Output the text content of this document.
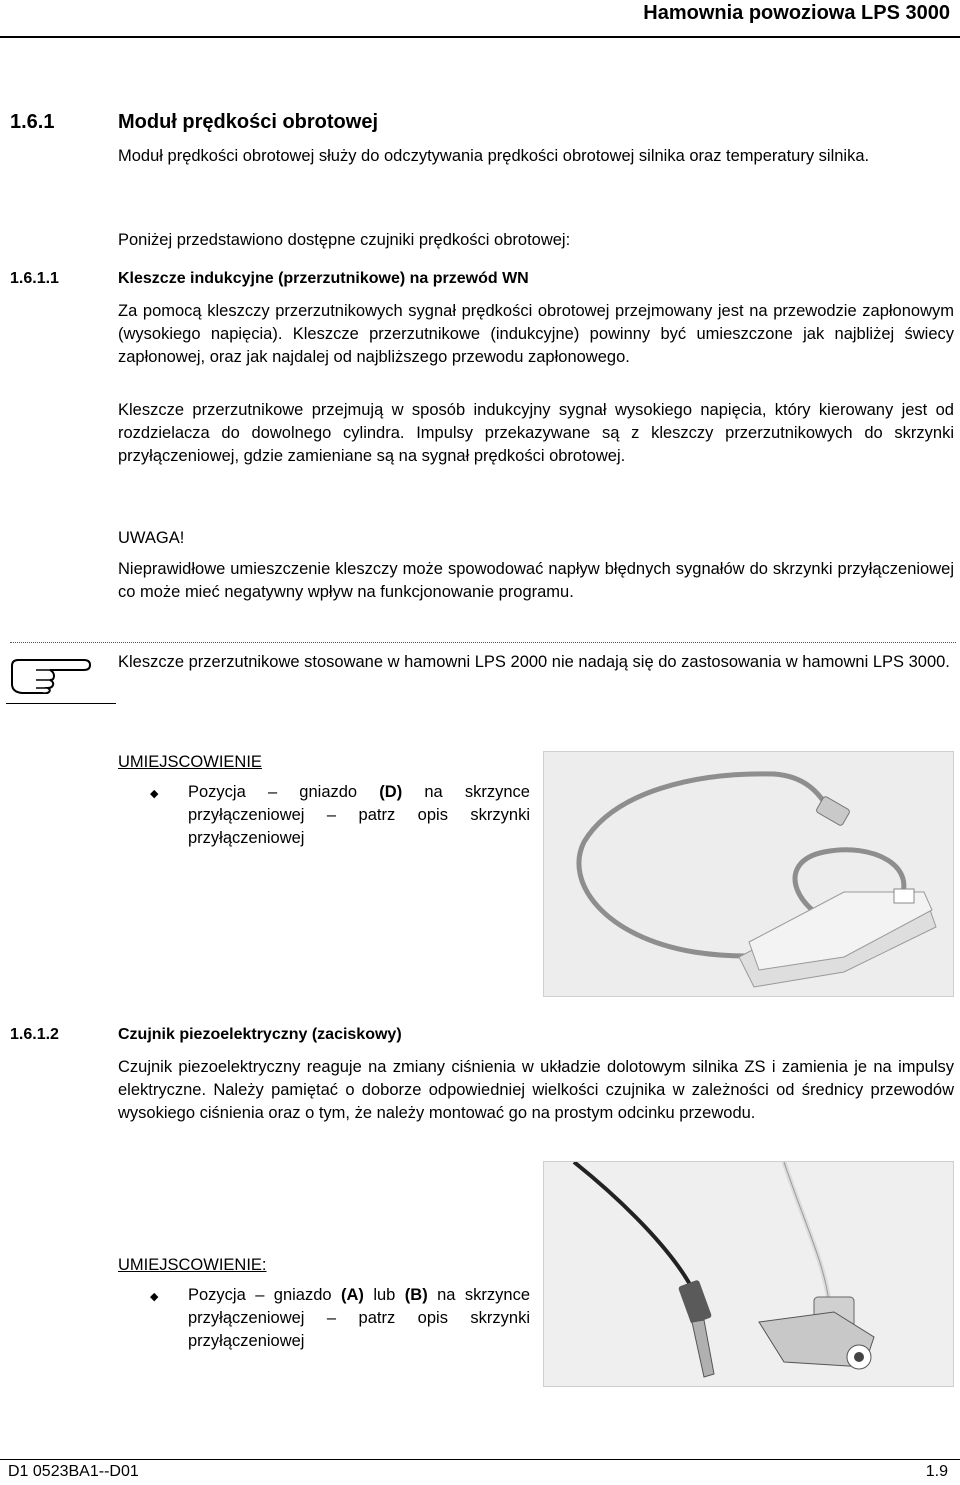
Hamownia powoziowa LPS 3000
1.6.1	Moduł prędkości obrotowej

Moduł prędkości obrotowej służy do odczytywania prędkości obrotowej silnika oraz temperatury silnika.

Poniżej przedstawiono dostępne czujniki prędkości obrotowej:

1.6.1.1	Kleszcze indukcyjne (przerzutnikowe) na przewód WN

Za pomocą kleszczy przerzutnikowych sygnał prędkości obrotowej przejmowany jest na przewodzie zapłonowym (wysokiego napięcia). Kleszcze przerzutnikowe (indukcyjne) powinny być umieszczone jak najbliżej świecy zapłonowej, oraz jak najdalej od najbliższego przewodu zapłonowego.

Kleszcze przerzutnikowe przejmują w sposób indukcyjny sygnał wysokiego napięcia, który kierowany jest od rozdzielacza do dowolnego cylindra. Impulsy przekazywane są z kleszczy przerzutnikowych do skrzynki przyłączeniowej, gdzie zamieniane są na sygnał prędkości obrotowej.

UWAGA!

Nieprawidłowe umieszczenie kleszczy może spowodować napływ błędnych sygnałów do skrzynki przyłączeniowej co może mieć negatywny wpływ na funkcjonowanie programu.

Kleszcze przerzutnikowe stosowane w hamowni LPS 2000 nie nadają się do zastosowania w hamowni LPS 3000.

UMIEJSCOWIENIE
◆ Pozycja – gniazdo (D) na skrzynce przyłączeniowej – patrz opis skrzynki przyłączeniowej
1.6.1.2	Czujnik piezoelektryczny (zaciskowy)

Czujnik piezoelektryczny reaguje na zmiany ciśnienia w układzie dolotowym silnika ZS i zamienia je na impulsy elektryczne. Należy pamiętać o doborze odpowiedniej wielkości czujnika w zależności od średnicy przewodów wysokiego ciśnienia oraz o tym, że należy montować go na prostym odcinku przewodu.

UMIEJSCOWIENIE:
◆ Pozycja – gniazdo (A) lub (B) na skrzynce przyłączeniowej – patrz opis skrzynki przyłączeniowej
D1 0523BA1--D01	1.9
